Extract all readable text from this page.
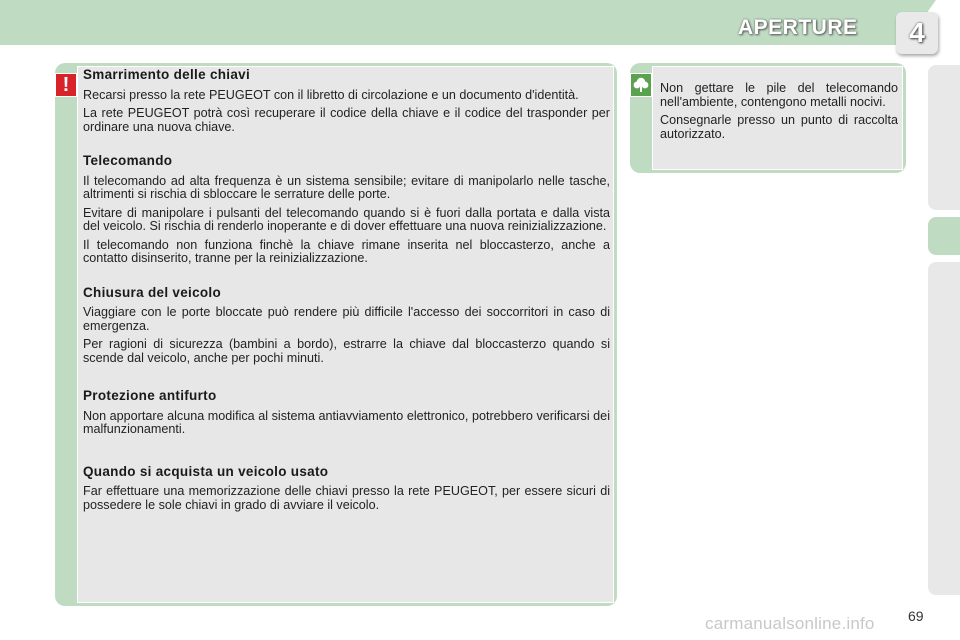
APERTURE	4
!	Smarrimento delle chiavi

Recarsi presso la rete PEUGEOT con il libretto di circolazione e un documento d'identità.

La rete PEUGEOT potrà così recuperare il codice della chiave e il codice del trasponder per ordinare una nuova chiave.

Telecomando

Il telecomando ad alta frequenza è un sistema sensibile; evitare di manipolarlo nelle tasche, altrimenti si rischia di sbloccare le serrature delle porte.

Evitare di manipolare i pulsanti del telecomando quando si è fuori dalla portata e dalla vista del veicolo. Si rischia di renderlo inoperante e di dover effettuare una nuova reinizializzazione.

Il telecomando non funziona finchè la chiave rimane inserita nel bloccasterzo, anche a contatto disinserito, tranne per la reinizializzazione.

Chiusura del veicolo

Viaggiare con le porte bloccate può rendere più difficile l'accesso dei soccorritori in caso di emergenza.

Per ragioni di sicurezza (bambini a bordo), estrarre la chiave dal bloccasterzo quando si scende dal veicolo, anche per pochi minuti.

Protezione antifurto

Non apportare alcuna modifica al sistema antiavviamento elettronico, potrebbero verificarsi dei malfunzionamenti.

Quando si acquista un veicolo usato

Far effettuare una memorizzazione delle chiavi presso la rete PEUGEOT, per essere sicuri di possedere le sole chiavi in grado di avviare il veicolo.

Non gettare le pile del telecomando nell'ambiente, contengono metalli nocivi.

Consegnarle presso un punto di raccolta autorizzato.

69
carmanualsonline.info
